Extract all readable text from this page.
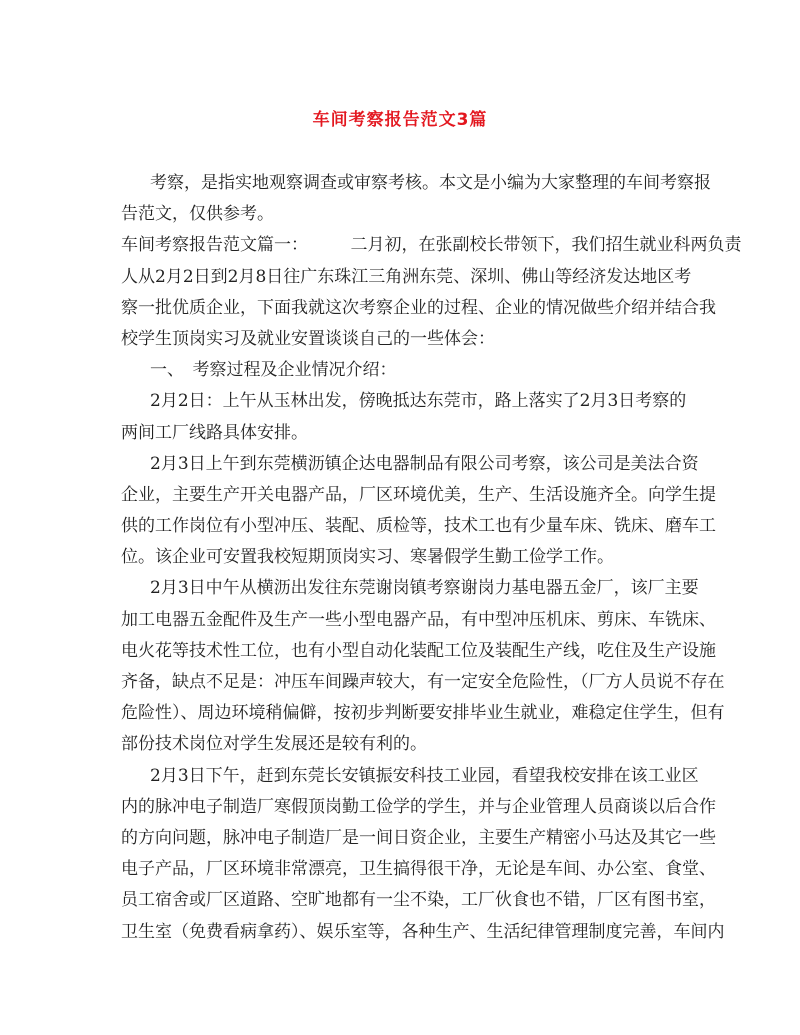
车间考察报告范文3篇
考察，是指实地观察调查或审察考核。本文是小编为大家整理的车间考察报
告范文，仅供参考。
车间考察报告范文篇一：　　　二月初，在张副校长带领下，我们招生就业科两负责
人从2月2日到2月8日往广东珠江三角洲东莞、深圳、佛山等经济发达地区考
察一批优质企业，下面我就这次考察企业的过程、企业的情况做些介绍并结合我
校学生顶岗实习及就业安置谈谈自己的一些体会：
一、　考察过程及企业情况介绍：
2月2日：上午从玉林出发，傍晚抵达东莞市，路上落实了2月3日考察的
两间工厂线路具体安排。
2月3日上午到东莞横沥镇企达电器制品有限公司考察，该公司是美法合资
企业，主要生产开关电器产品，厂区环境优美，生产、生活设施齐全。向学生提
供的工作岗位有小型冲压、装配、质检等，技术工也有少量车床、铣床、磨车工
位。该企业可安置我校短期顶岗实习、寒暑假学生勤工俭学工作。
2月3日中午从横沥出发往东莞谢岗镇考察谢岗力基电器五金厂，该厂主要
加工电器五金配件及生产一些小型电器产品，有中型冲压机床、剪床、车铣床、
电火花等技术性工位，也有小型自动化装配工位及装配生产线，吃住及生产设施
齐备，缺点不足是：冲压车间躁声较大，有一定安全危险性，（厂方人员说不存在
危险性）、周边环境稍偏僻，按初步判断要安排毕业生就业，难稳定住学生，但有
部份技术岗位对学生发展还是较有利的。
2月3日下午，赶到东莞长安镇振安科技工业园，看望我校安排在该工业区
内的脉冲电子制造厂寒假顶岗勤工俭学的学生，并与企业管理人员商谈以后合作
的方向问题，脉冲电子制造厂是一间日资企业，主要生产精密小马达及其它一些
电子产品，厂区环境非常漂亮，卫生搞得很干净，无论是车间、办公室、食堂、
员工宿舍或厂区道路、空旷地都有一尘不染，工厂伙食也不错，厂区有图书室，
卫生室（免费看病拿药）、娱乐室等，各种生产、生活纪律管理制度完善，车间内
